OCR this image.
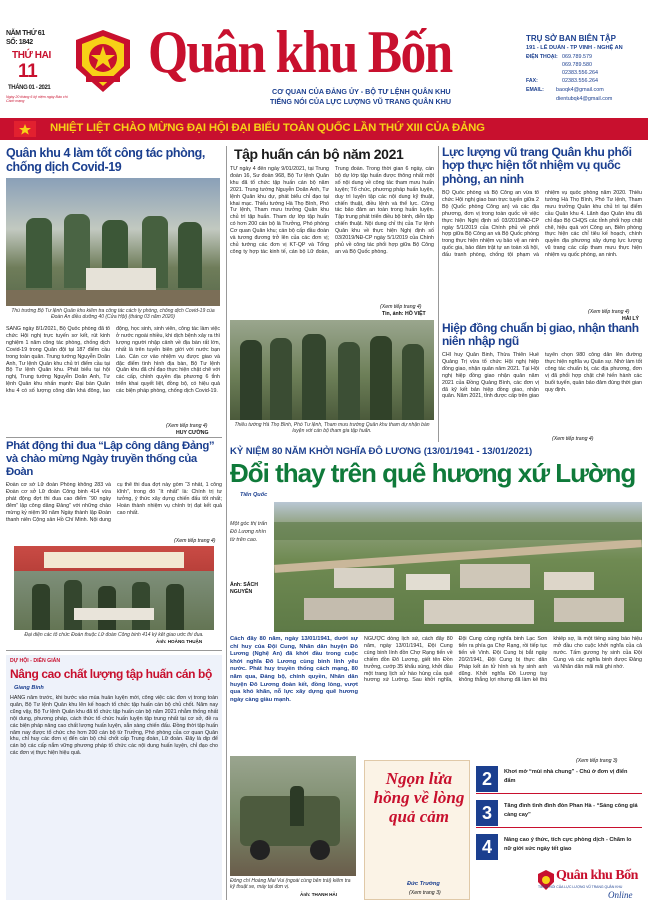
NĂM THỨ 61
SỐ: 1842
THỨ HAI
11
THÁNG 01 - 2021
Ngày 20 tháng 6 kỷ niệm ngày Báo chí Cách mạng
Quân khu Bốn
CƠ QUAN CỦA ĐẢNG ỦY - BỘ TƯ LỆNH QUÂN KHU
TIẾNG NÓI CỦA LỰC LƯỢNG VŨ TRANG QUÂN KHU
TRỤ SỞ BAN BIÊN TẬP
191 - LÊ DUẨN - TP VINH - NGHỆ AN
ĐIỆN THOẠI: 069.789.579
069.789.580
02383.556.264
FAX:	02383.556.264
EMAIL: baoqk4@gmail.com
dientubqk4@gmail.com
NHIỆT LIỆT CHÀO MỪNG ĐẠI HỘI ĐẠI BIỂU TOÀN QUỐC LẦN THỨ XIII CỦA ĐẢNG
Quân khu 4 làm tốt công tác phòng, chống dịch Covid-19
Thủ trưởng Bộ Tư lệnh Quân khu kiểm tra công tác cách ly phòng, chống dịch Covid-19 của Đoàn An điều dưỡng 40 (Cửa Hội) (tháng 03 năm 2020)
SÁNG ngày 8/1/2021, Bộ Quốc phòng đã tổ chức Hội nghị trực tuyến sơ kết, rút kinh nghiệm 1 năm công tác phòng, chống dịch Covid-19 trong Quân đội tại 187 điểm cầu trong toàn quân. Trung tướng Nguyễn Doãn Anh, Tư lệnh Quân khu chủ trì điểm cầu tại Bộ Tư lệnh Quân khu. Phát biểu tại hội nghị, Trung tướng Nguyễn Doãn Anh, Tư lệnh Quân khu nhấn mạnh: Đại bàn Quân khu 4 có số lượng công dân khá đông, lao động, học sinh, sinh viên, công tác làm việc ở nước ngoài nhiều, khi dịch bệnh xảy ra thì lượng người nhập cảnh về địa bàn rất lớn, nhất là trên tuyến biên giới với nước bạn Lào. Cán cơ vào nhiệm vụ được giao và đặc điểm tình hình địa bàn, Bộ Tư lệnh Quân khu đã chỉ đạo thực hiện chặt chẽ với các cấp, chính quyền địa phương 6 tỉnh triển khai quyết liệt, đồng bộ, có hiệu quả các biện pháp phòng, chống dịch Covid-19.
(Xem tiếp trang 4)
HUY CƯỜNG
Tập huấn cán bộ năm 2021
TỪ ngày 4 đến ngày 9/01/2021, tại Trung đoàn 16, Sư đoàn 968, Bộ Tư lệnh Quân khu đã tổ chức tập huấn cán bộ năm 2021. Trung tướng Nguyễn Doãn Anh, Tư lệnh Quân khu dự, phát biểu chỉ đạo tại khai mạc. Thiếu tướng Hà Thọ Bình, Phó Tư lệnh, Tham mưu trưởng Quân khu chủ trì tập huấn. Tham dự lớp tập huấn có hơn 200 cán bộ là Trưởng, Phó phòng Cơ quan Quân khu; cán bộ cấp đầu đoàn và tương đương trở lên của các đơn vị; chủ tướng các đơn vị KT-QP và Tổng công ty hợp tác kinh tế, cán bộ Lữ đoàn, Trung đoàn. Trong thời gian 6 ngày, cán bộ dự lớp tập huấn được thông nhất một số nội dung về công tác tham mưu huấn luyện; Tổ chức, phương pháp huấn luyện, duy trì luyện tập các nội dung kỹ thuật, chiến thuật, điều lệnh và thể lực. Công tác bảo đảm an toàn trong huấn luyện. Tập trung phát triển điều bộ binh, diễn tập chiến thuật. Nội dung chỉ thị của Tư lệnh Quân khu về thực hiện Nghị định số 03/2019/NĐ-CP ngày 5/1/2019 của Chính phủ về công tác phối hợp giữa Bộ Công an và Bộ Quốc phòng.
(Xem tiếp trang 4)
Tin, ảnh: HỒ VIỆT
Thiếu tướng Hà Thọ Bình, Phó Tư lệnh, Tham mưu trưởng Quân khu tham dự nhận bàn luyện với cán bộ tham gia tập huấn.
Lực lượng vũ trang Quân khu phối hợp thực hiện tốt nhiệm vụ quốc phòng, an ninh
BỘ Quốc phòng và Bộ Công an vừa tổ chức Hội nghị giao ban trực tuyến giữa 2 Bộ (Quốc phòng Công an) và các địa phương, đơn vị trong toàn quốc về việc thực hiện Nghị định số 03/2019/NĐ-CP ngày 5/1/2019 của Chính phủ về phối hợp giữa Bộ Công an và Bộ Quốc phòng trong thực hiện nhiệm vụ bảo vệ an ninh quốc gia, bảo đảm trật tự an toàn xã hội, đấu tranh phòng, chống tội phạm và nhiệm vụ quốc phòng năm 2020. Thiếu tướng Hà Thọ Bình, Phó Tư lệnh, Tham mưu trưởng Quân khu chủ trì tại điểm cầu Quân khu 4. Lãnh đạo Quân khu đã chỉ đạo Bộ CHQS các tỉnh phối hợp chặt chẽ, hiệu quả với Công an, Biên phòng thực hiện các chỉ tiêu kế hoạch, chính quyền địa phương xây dựng lực lượng vũ trang các cấp tham mưu thực hiện nhiệm vụ quốc phòng, an ninh.
(Xem tiếp trang 4)
HẢI LÝ
Hiệp đồng chuẩn bị giao, nhận thanh niên nhập ngũ
CHỈ huy Quân Binh, Thừa Thiên Huế Quảng Trị vừa tổ chức Hội nghị hiệp đồng giao, nhận quân năm 2021. Tại Hội nghị hiệp đồng giao nhận quân năm 2021 của Đồng Quảng Bình, các đơn vị đã kỹ kết bản hiệp đồng giao, nhận quân. Năm 2021, tỉnh được cấp trên giao tuyển chọn 980 công dân lên đường thực hiện nghĩa vụ Quân sự. Nhờ làm tốt công tác chuẩn bị, các địa phương, đơn vị đã phối hợp chặt chẽ hiến hành các buổi tuyển, quản bảo đảm đúng thời gian quy định.
(Xem tiếp trang 4)
Phát động thi đua “Lập công dâng Đảng” và chào mừng Ngày truyền thống của Đoàn
Đoàn cơ sở Lữ đoàn Phòng không 283 và Đoàn cơ sở Lữ đoàn Công binh 414 vừa phát động đợt thi đua cao điểm “90 ngày đêm” lập công dâng Đảng” với những chào mừng kỷ niệm 90 năm Ngày thành lập Đoàn thanh niên Cộng sản Hồ Chí Minh. Nội dung cụ thể thi đua đợt này gồm “3 nhất, 1 công kĩnh”, trong đó “ít nhất” là: Chính trị tư tưởng, ý thức xây dựng chiến đấu tốt nhất; Hoàn thành nhiệm vụ chính trị đạt kết quả cao nhất.
(Xem tiếp trang 4)
Đại diện các tổ chức Đoàn thuộc Lữ đoàn Công binh 414 ký kết giao ước thi đua.
Ảnh: HOÀNG THUẬN
DỰ HỘI - DIỄN GIÁN
Nâng cao chất lượng tập huấn cán bộ
Giang Binh
HĂNG năm trước, khi bước vào mùa huấn luyện mới, công việc các đơn vị trong toàn quân, Bộ Tư lệnh Quân khu lên kế hoạch tổ chức tập huấn cán bộ chủ chốt. Năm nay cũng vậy, Bộ Tư lệnh Quân khu đã tổ chức tập huấn cán bộ năm 2021 nhằm thống nhất nội dung, phương pháp, cách thức tổ chức huấn luyện tập trung nhất tại cơ sở, đề ra các biện pháp nâng cao chất lượng huấn luyện, sẵn sàng chiến đấu. Đồng thời tập huấn năm nay được tổ chức cho hơn 200 cán bộ từ Trưởng, Phó phòng của cơ quan Quân khu, chỉ huy các đơn vị đến cán bộ chủ chốt cấp Trung đoàn, Lữ đoàn. Đây là dịp để cán bộ các cấp nắm vững phương pháp tổ chức các nội dung huấn luyện, chỉ đạo cho các đơn vị thực hiện hiệu quả.
KỶ NIỆM 80 NĂM KHỞI NGHĨA ĐÔ LƯƠNG (13/01/1941 - 13/01/2021)
Đổi thay trên quê hương xứ Lường
Tiến Quốc
Một góc thị trấn Đô Lương nhìn từ trên cao.
Ảnh: SÁCH NGUYÊN
Cách đây 80 năm, ngày 13/01/1941, dưới sự chỉ huy của Đội Cung, Nhân dân huyện Đô Lương (Nghệ An) đã khởi đầu trong cuộc khởi nghĩa Đô Lương cùng binh lính yêu nước. Phát huy truyền thống cách mạng, 80 năm qua, Đảng bộ, chính quyền, Nhân dân huyện Đô Lương đoàn kết, đồng lòng, vượt qua khó khăn, nỗ lực xây dựng quê hương ngày càng giàu mạnh.
NGƯỢC dòng lịch sử, cách đây 80 năm, ngày 13/01/1941, Đội Cung cùng binh lính đồn Chợ Rạng tiến về chiếm đồn Đô Lương, giết tên Đồn trưởng, cướp 35 khẩu súng, khởi đầu một trang lịch sử hào hùng của quê hương xứ Lường. Sau khởi nghĩa, Đội Cung cùng nghĩa binh Lạc Sơn tiến ra phía ga Chợ Rạng, rồi tiếp tục tiến về Vinh. Đội Cung bị bắt ngày 20/2/1941, Đội Cung bị thực dân Pháp kết án tử hình và hy sinh anh dũng. Khởi nghĩa Đô Lương tuy không thắng lợi nhưng đã làm kẻ thù khiếp sợ, là một tiếng súng báo hiệu mở đầu cho cuộc khởi nghĩa của cả nước. Tấm gương hy sinh của Đội Cung và các nghĩa binh được Đảng và Nhân dân mãi mãi ghi nhớ.
(Xem tiếp trang 3)
Đồng chí Hoàng Mai Vui (ngoài cùng bên trái) kiểm tra kỹ thuật xe, máy tại đơn vị.
Ảnh: THANH HẢI
Ngọn lửa hồng về lòng quả cảm
Đức Trường
(Xem trang 3)
2	Khơi mở “mùi nhà chung” - Chú ở đơn vị điển đẩm
3	Tăng đình tình đình đòn Phan Hà - “Sáng công giá càng cay”
4	Nâng cao ý thức, tích cực phòng dịch - Chăm lo nữ giới sức ngày tết giao
Quân khu Bốn
TIẾNG NÓI CỦA LỰC LƯỢNG VŨ TRANG QUÂN KHU
Online
